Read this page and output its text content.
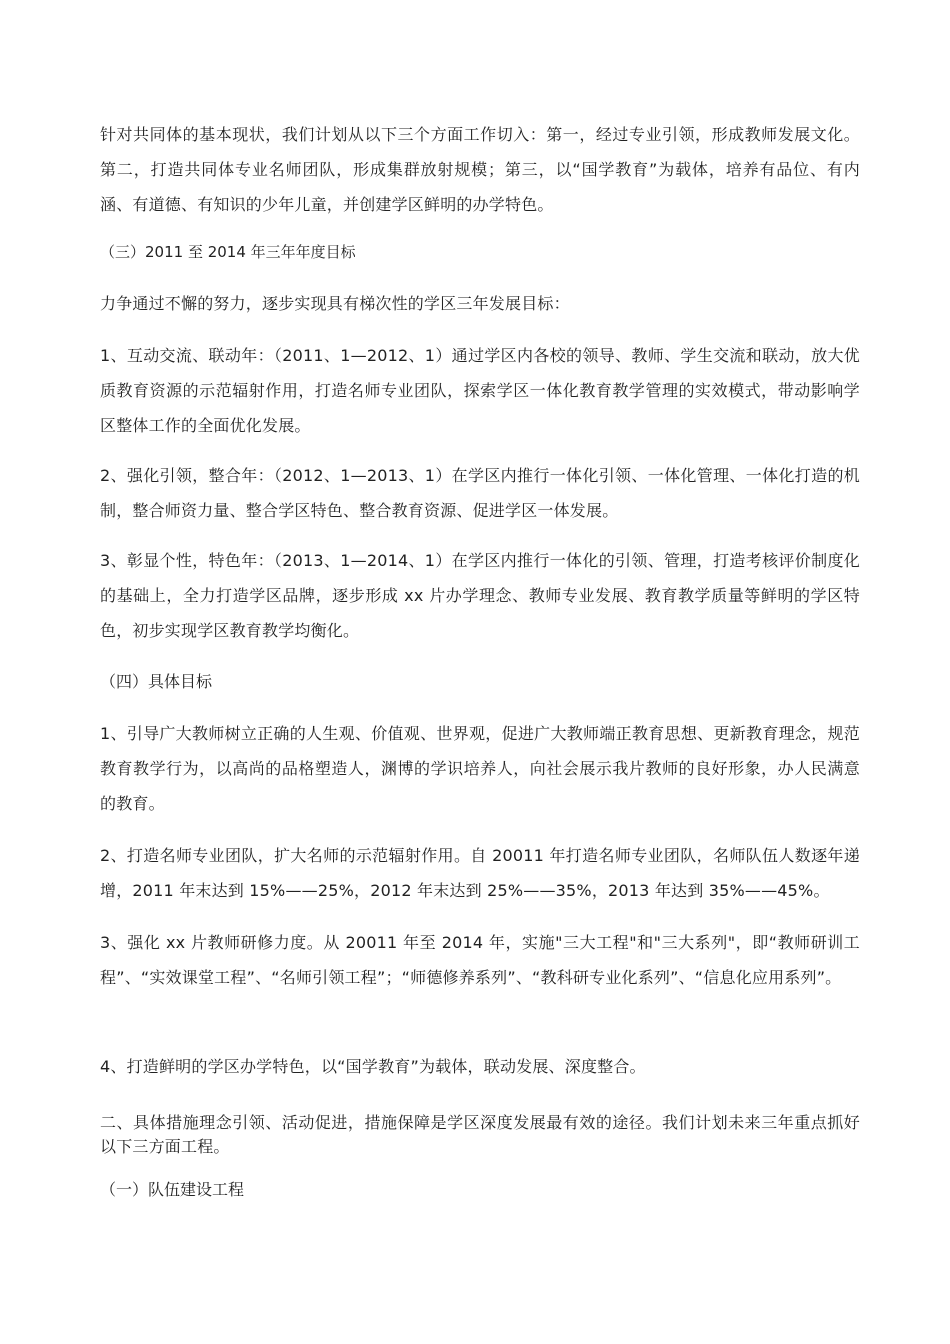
针对共同体的基本现状，我们计划从以下三个方面工作切入：第一，经过专业引领，形成教师发展文化。第二，打造共同体专业名师团队，形成集群放射规模；第三，以“国学教育”为载体，培养有品位、有内涵、有道德、有知识的少年儿童，并创建学区鲜明的办学特色。
（三）2011 至 2014 年三年年度目标
力争通过不懈的努力，逐步实现具有梯次性的学区三年发展目标：
1、互动交流、联动年：（2011、1—2012、1）通过学区内各校的领导、教师、学生交流和联动，放大优质教育资源的示范辐射作用，打造名师专业团队，探索学区一体化教育教学管理的实效模式，带动影响学区整体工作的全面优化发展。
2、强化引领，整合年：（2012、1—2013、1）在学区内推行一体化引领、一体化管理、一体化打造的机制，整合师资力量、整合学区特色、整合教育资源、促进学区一体发展。
3、彰显个性，特色年：（2013、1—2014、1）在学区内推行一体化的引领、管理，打造考核评价制度化的基础上，全力打造学区品牌，逐步形成 xx 片办学理念、教师专业发展、教育教学质量等鲜明的学区特色，初步实现学区教育教学均衡化。
（四）具体目标
1、引导广大教师树立正确的人生观、价值观、世界观，促进广大教师端正教育思想、更新教育理念，规范教育教学行为，以高尚的品格塑造人，渊博的学识培养人，向社会展示我片教师的良好形象，办人民满意的教育。
2、打造名师专业团队，扩大名师的示范辐射作用。自 20011 年打造名师专业团队，名师队伍人数逐年递增，2011 年末达到 15%——25%，2012 年末达到 25%——35%，2013 年达到 35%——45%。
3、强化 xx 片教师研修力度。从 20011 年至 2014 年，实施"三大工程"和"三大系列"，即“教师研训工程”、“实效课堂工程”、“名师引领工程”；“师德修养系列”、“教科研专业化系列”、“信息化应用系列”。
4、打造鲜明的学区办学特色，以“国学教育”为载体，联动发展、深度整合。
二、具体措施理念引领、活动促进，措施保障是学区深度发展最有效的途径。我们计划未来三年重点抓好以下三方面工程。
（一）队伍建设工程
